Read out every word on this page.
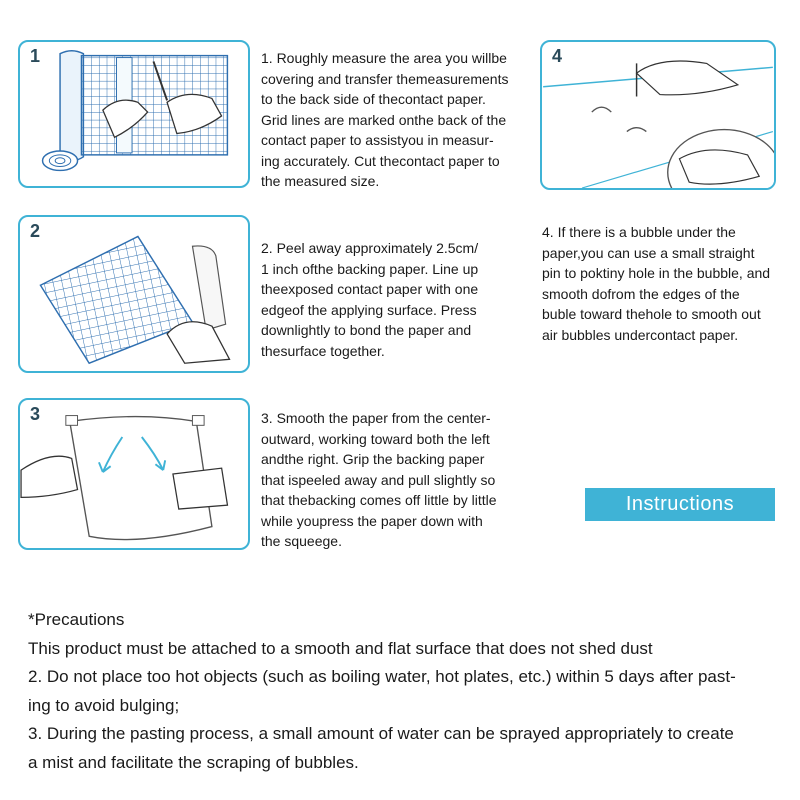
1	1. Roughly measure the area you willbe
covering and transfer themeasurements
to the back side of thecontact paper.
Grid lines are marked onthe back of the
contact paper to assistyou in measur-
ing accurately. Cut thecontact paper to
the measured size.
2
2. Peel away approximately 2.5cm/
1 inch ofthe backing paper. Line up
theexposed contact paper with one
edgeof the applying surface. Press
downlightly to bond the paper and
thesurface together.
3	3. Smooth the paper from the center-
outward, working toward both the left
andthe right. Grip the backing paper
that ispeeled away and pull slightly so
that thebacking comes off little by little
while youpress the paper down with
the squeege.
4
4. If there is a bubble under the
paper,you can use a small straight
pin to poktiny hole in the bubble, and
smooth dofrom the edges of the
buble toward thehole to smooth out
air bubbles undercontact paper.
Instructions
*Precautions
This product must be attached to a smooth and flat surface that does not shed dust
2. Do not place too hot objects (such as boiling water, hot plates, etc.) within 5 days after past-
ing to avoid bulging;
3. During the pasting process, a small amount of water can be sprayed appropriately to create
a mist and facilitate the scraping of bubbles.
